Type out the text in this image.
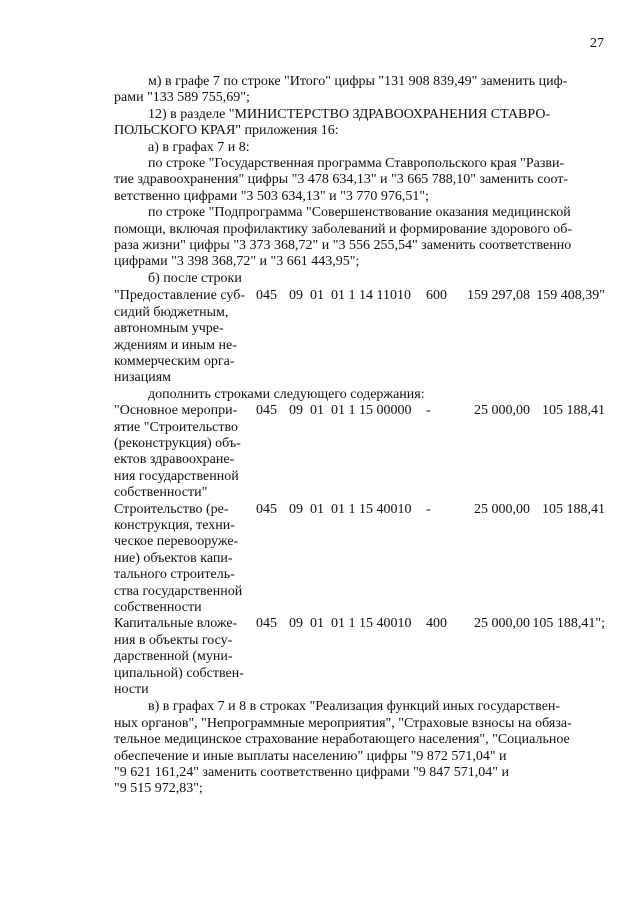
27

м) в графе 7 по строке "Итого" цифры "131 908 839,49" заменить циф-

рами "133 589 755,69";

12) в разделе "МИНИСТЕРСТВО ЗДРАВООХРАНЕНИЯ СТАВРО-

ПОЛЬСКОГО КРАЯ" приложения 16:

а) в графах 7 и 8:

по строке "Государственная программа Ставропольского края "Разви-

тие здравоохранения" цифры "3 478 634,13" и "3 665 788,10" заменить соот-

ветственно цифрами "3 503 634,13" и "3 770 976,51";

по строке "Подпрограмма "Совершенствование оказания медицинской

помощи, включая профилактику заболеваний и формирование здорового об-

раза жизни" цифры "3 373 368,72" и "3 556 255,54" заменить соответственно

цифрами "3 398 368,72" и "3 661 443,95";

б) после строки

"Предоставление суб-
сидий бюджетным,
автономным учре-
ждениям и иным не-
коммерческим орга-
низациям
045 09 01 01 1 14 11010	600	159 297,08 159 408,39"

дополнить строками следующего содержания:

"Основное меропри-
ятие "Строительство
(реконструкция) объ-
ектов здравоохране-
ния государственной
собственности"
045 09 01 01 1 15 00000	-	25 000,00 105 188,41
Строительство (ре-
конструкция, техни-
ческое перевооруже-
ние) объектов капи-
тального строитель-
ства государственной
собственности
045 09 01 01 1 15 40010	-	25 000,00 105 188,41
Капитальные вложе-
ния в объекты госу-
дарственной (муни-
ципальной) собствен-
ности
045 09 01 01 1 15 40010	400	25 000,00 105 188,41";

в) в графах 7 и 8 в строках "Реализация функций иных государствен-

ных органов", "Непрограммные мероприятия", "Страховые взносы на обяза-

тельное медицинское страхование неработающего населения", "Социальное

обеспечение и иные выплаты населению" цифры "9 872 571,04" и

"9 621 161,24" заменить соответственно цифрами "9 847 571,04" и

"9 515 972,83";
